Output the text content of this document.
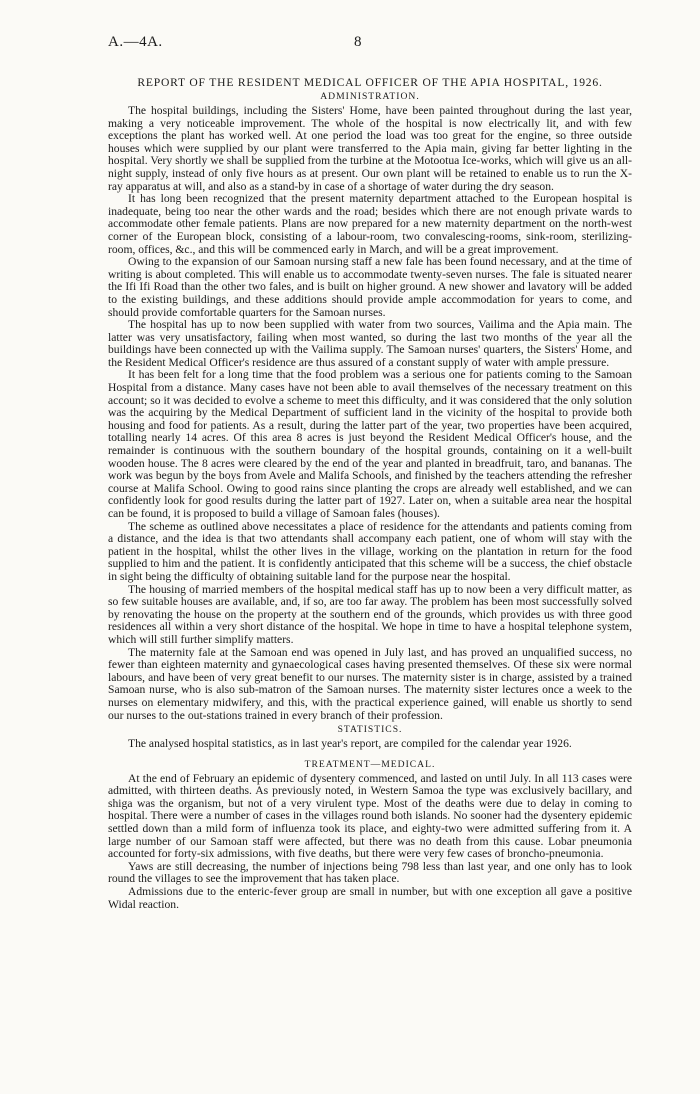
A.—4A.	8
REPORT OF THE RESIDENT MEDICAL OFFICER OF THE APIA HOSPITAL, 1926.
ADMINISTRATION.

The hospital buildings, including the Sisters' Home, have been painted throughout during the last year, making a very noticeable improvement. The whole of the hospital is now electrically lit, and with few exceptions the plant has worked well. At one period the load was too great for the engine, so three outside houses which were supplied by our plant were transferred to the Apia main, giving far better lighting in the hospital. Very shortly we shall be supplied from the turbine at the Motootua Ice-works, which will give us an all-night supply, instead of only five hours as at present. Our own plant will be retained to enable us to run the X-ray apparatus at will, and also as a stand-by in case of a shortage of water during the dry season.

It has long been recognized that the present maternity department attached to the European hospital is inadequate, being too near the other wards and the road; besides which there are not enough private wards to accommodate other female patients. Plans are now prepared for a new maternity department on the north-west corner of the European block, consisting of a labour-room, two convalescing-rooms, sink-room, sterilizing-room, offices, &c., and this will be commenced early in March, and will be a great improvement.

Owing to the expansion of our Samoan nursing staff a new fale has been found necessary, and at the time of writing is about completed. This will enable us to accommodate twenty-seven nurses. The fale is situated nearer the Ifi Ifi Road than the other two fales, and is built on higher ground. A new shower and lavatory will be added to the existing buildings, and these additions should provide ample accommodation for years to come, and should provide comfortable quarters for the Samoan nurses.

The hospital has up to now been supplied with water from two sources, Vailima and the Apia main. The latter was very unsatisfactory, failing when most wanted, so during the last two months of the year all the buildings have been connected up with the Vailima supply. The Samoan nurses' quarters, the Sisters' Home, and the Resident Medical Officer's residence are thus assured of a constant supply of water with ample pressure.

It has been felt for a long time that the food problem was a serious one for patients coming to the Samoan Hospital from a distance. Many cases have not been able to avail themselves of the necessary treatment on this account; so it was decided to evolve a scheme to meet this difficulty, and it was considered that the only solution was the acquiring by the Medical Department of sufficient land in the vicinity of the hospital to provide both housing and food for patients. As a result, during the latter part of the year, two properties have been acquired, totalling nearly 14 acres. Of this area 8 acres is just beyond the Resident Medical Officer's house, and the remainder is continuous with the southern boundary of the hospital grounds, containing on it a well-built wooden house. The 8 acres were cleared by the end of the year and planted in breadfruit, taro, and bananas. The work was begun by the boys from Avele and Malifa Schools, and finished by the teachers attending the refresher course at Malifa School. Owing to good rains since planting the crops are already well established, and we can confidently look for good results during the latter part of 1927. Later on, when a suitable area near the hospital can be found, it is proposed to build a village of Samoan fales (houses).

The scheme as outlined above necessitates a place of residence for the attendants and patients coming from a distance, and the idea is that two attendants shall accompany each patient, one of whom will stay with the patient in the hospital, whilst the other lives in the village, working on the plantation in return for the food supplied to him and the patient. It is confidently anticipated that this scheme will be a success, the chief obstacle in sight being the difficulty of obtaining suitable land for the purpose near the hospital.

The housing of married members of the hospital medical staff has up to now been a very difficult matter, as so few suitable houses are available, and, if so, are too far away. The problem has been most successfully solved by renovating the house on the property at the southern end of the grounds, which provides us with three good residences all within a very short distance of the hospital. We hope in time to have a hospital telephone system, which will still further simplify matters.

The maternity fale at the Samoan end was opened in July last, and has proved an unqualified success, no fewer than eighteen maternity and gynaecological cases having presented themselves. Of these six were normal labours, and have been of very great benefit to our nurses. The maternity sister is in charge, assisted by a trained Samoan nurse, who is also sub-matron of the Samoan nurses. The maternity sister lectures once a week to the nurses on elementary midwifery, and this, with the practical experience gained, will enable us shortly to send our nurses to the out-stations trained in every branch of their profession.

STATISTICS.

The analysed hospital statistics, as in last year's report, are compiled for the calendar year 1926.

TREATMENT—MEDICAL.

At the end of February an epidemic of dysentery commenced, and lasted on until July. In all 113 cases were admitted, with thirteen deaths. As previously noted, in Western Samoa the type was exclusively bacillary, and shiga was the organism, but not of a very virulent type. Most of the deaths were due to delay in coming to hospital. There were a number of cases in the villages round both islands. No sooner had the dysentery epidemic settled down than a mild form of influenza took its place, and eighty-two were admitted suffering from it. A large number of our Samoan staff were affected, but there was no death from this cause. Lobar pneumonia accounted for forty-six admissions, with five deaths, but there were very few cases of broncho-pneumonia.

Yaws are still decreasing, the number of injections being 798 less than last year, and one only has to look round the villages to see the improvement that has taken place.

Admissions due to the enteric-fever group are small in number, but with one exception all gave a positive Widal reaction.
